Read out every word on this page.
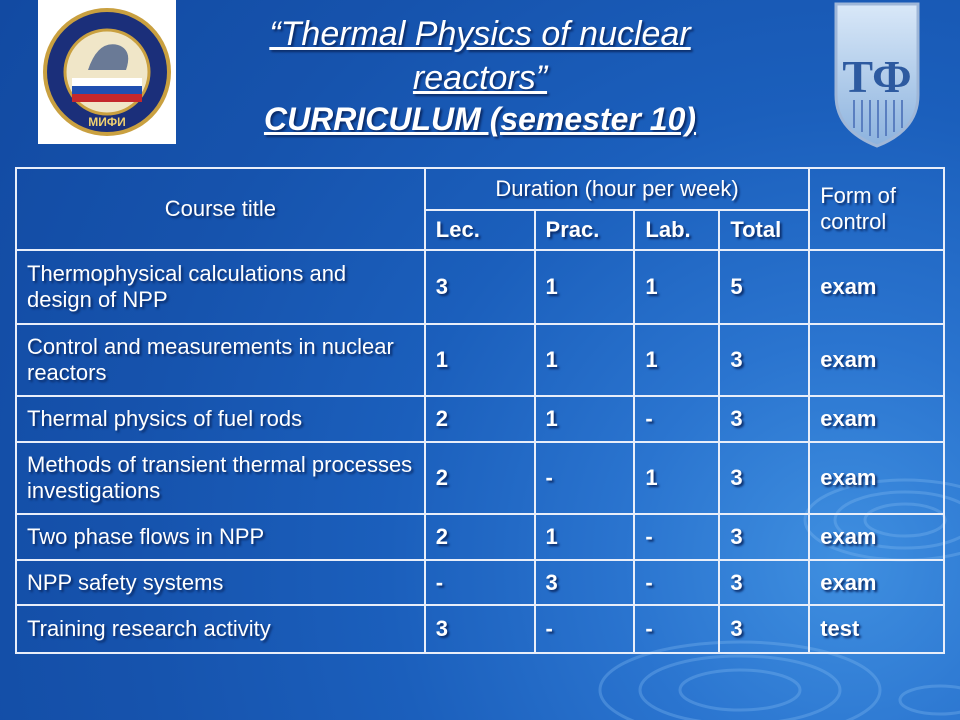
МИФИ
ТФ
“Thermal Physics of nuclear
reactors”
CURRICULUM (semester 10)
Course title	Duration (hour per week)				Form of control
	Lec.	Prac.	Lab.	Total	
Thermophysical calculations and design of NPP	3	1	1	5	exam
Control and measurements in nuclear reactors	1	1	1	3	exam
Thermal physics of fuel rods	2	1	-	3	exam
Methods of transient thermal processes investigations	2	-	1	3	exam
Two phase flows in NPP	2	1	-	3	exam
NPP safety systems	-	3	-	3	exam
Training research activity	3	-	-	3	test
